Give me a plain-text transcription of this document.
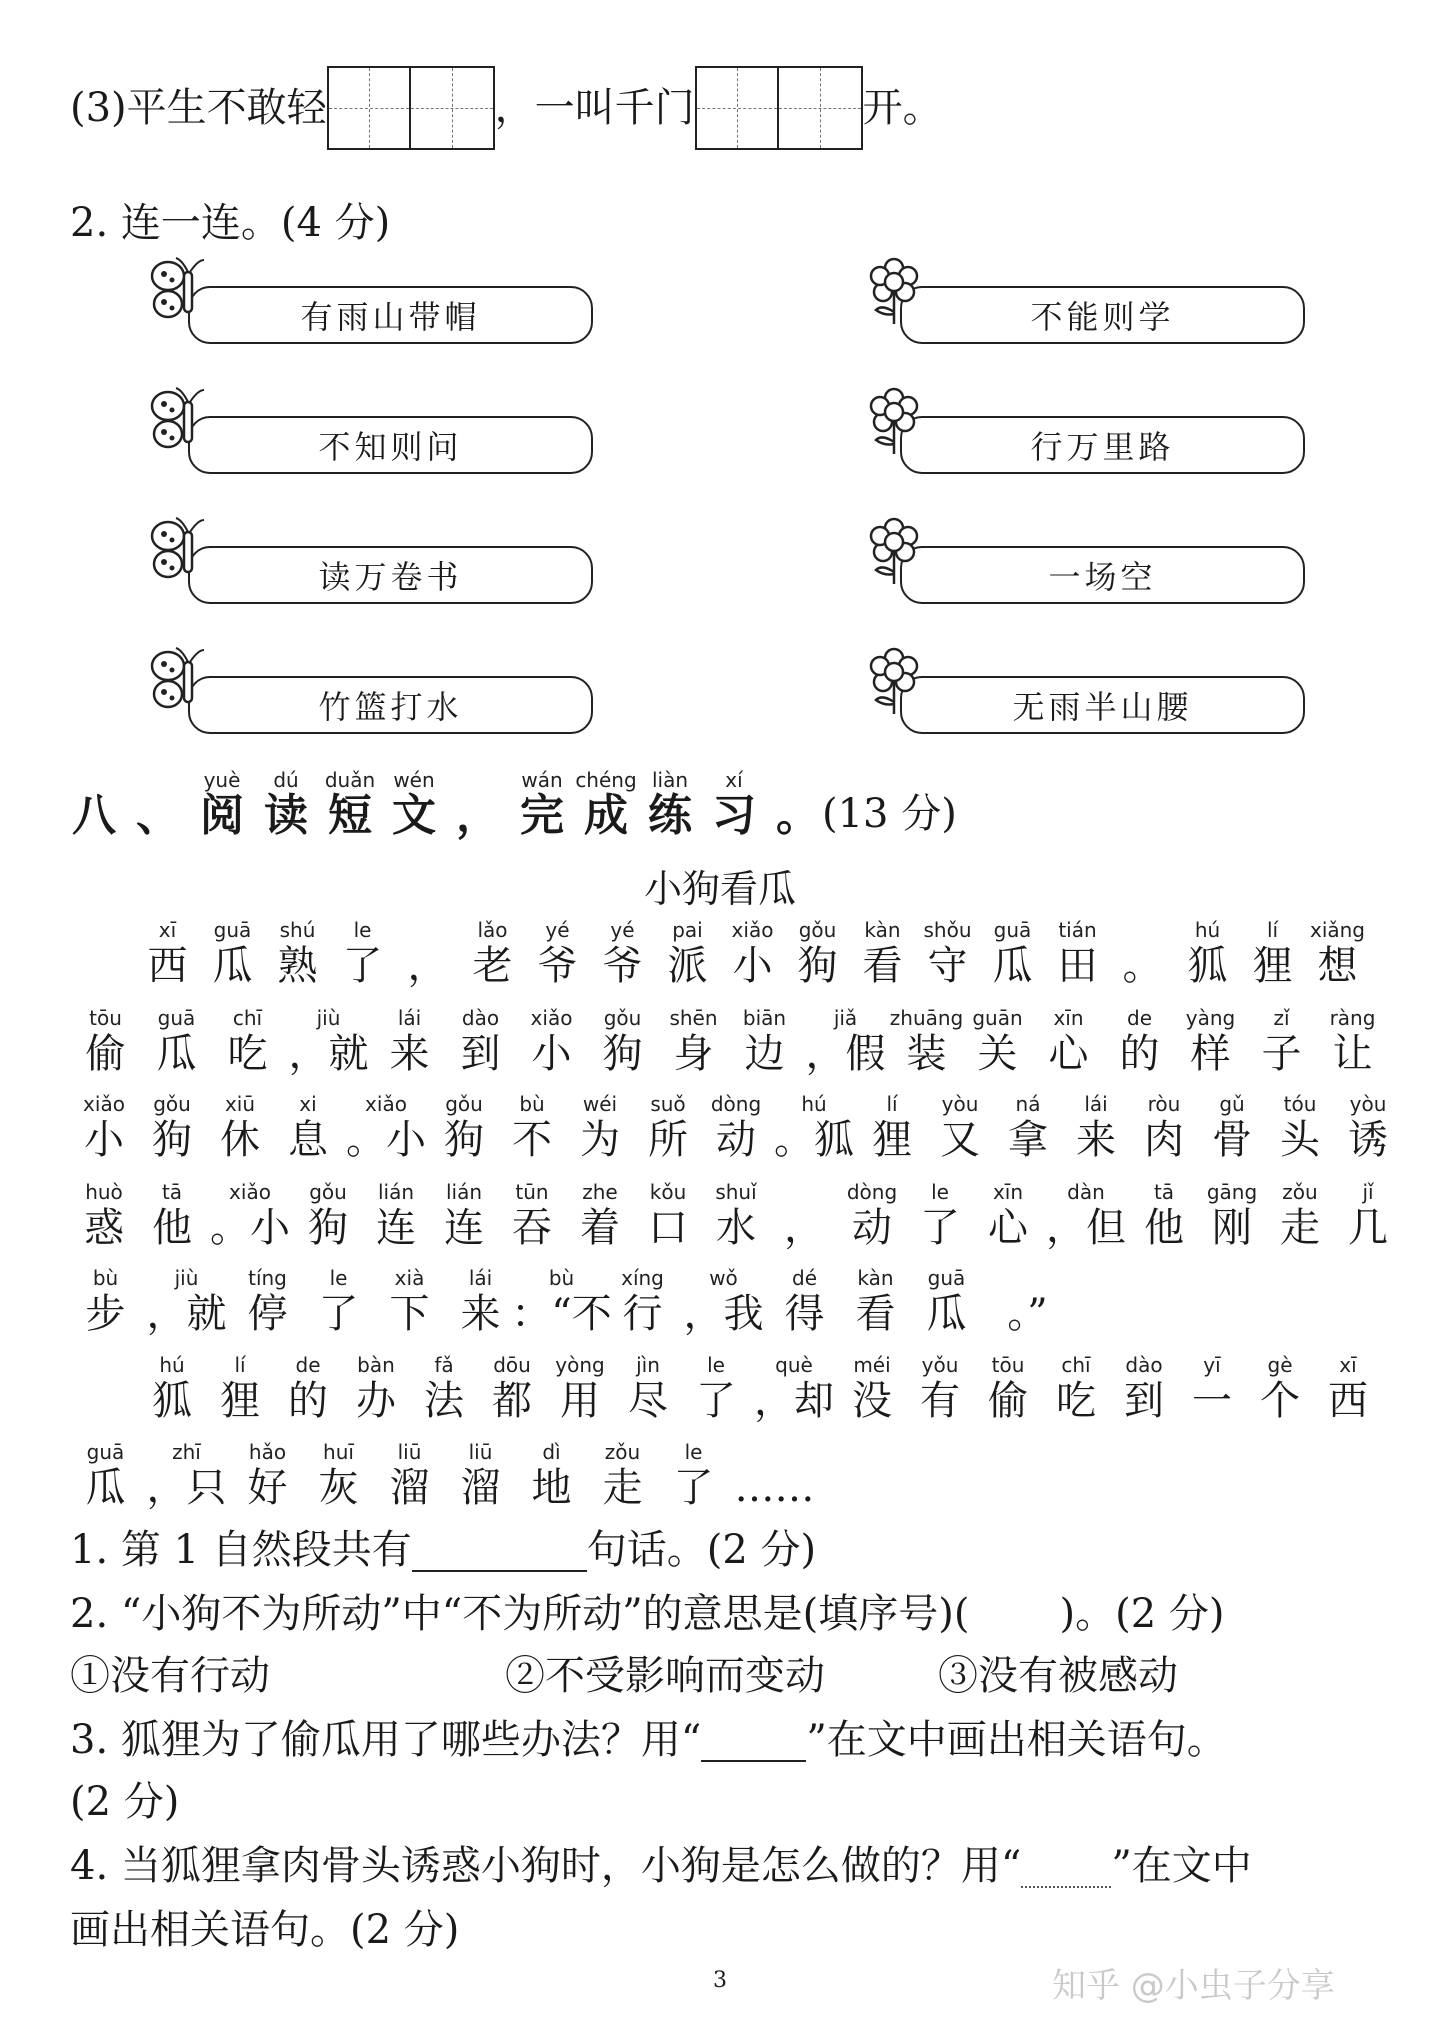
(3)平生不敢轻	，一叫千门	开。
2. 连一连。(4 分)
有雨山带帽
不知则问
读万卷书
竹篮打水
不能则学
行万里路
一场空
无雨半山腰
八 、
yuè
阅
dú
读
duǎn
短
wén
文 ，
wán
完
chéng
成
liàn
练
xí
习 。 (13 分)
小狗看瓜
xī
西
guā
瓜
shú
熟
le
了 ，
lǎo
老
yé
爷
yé
爷
pai
派
xiǎo
小
gǒu
狗
kàn
看
shǒu
守
guā
瓜
tián
田 。
hú
狐
lí
狸
xiǎng
想
tōu
偷
guā
瓜
chī
吃
jiù
，就
lái
来
dào
到
xiǎo
小
gǒu
狗
shēn
身
biān
边
jiǎ
，假
zhuāng
装
guān
关
xīn
心
de
的
yàng
样
zǐ
子
ràng
让
xiǎo
小
gǒu
狗
xiū
休
xi
息
xiǎo
。小
gǒu
狗
bù
不
wéi
为
suǒ
所
dòng
动
hú
。狐
lí
狸
yòu
又
ná
拿
lái
来
ròu
肉
gǔ
骨
tóu
头
yòu
诱
huò
惑
tā
他
xiǎo
。小
gǒu
狗
lián
连
lián
连
tūn
吞
zhe
着
kǒu
口
shuǐ
水 ，
dòng
动
le
了
xīn
心
dàn
，但
tā
他
gāng
刚
zǒu
走
jǐ
几
bù
步
jiù
，就
tíng
停
le
了
xià
下
lái
来
bù
：“不
xíng
行
wǒ
，我
dé
得
kàn
看
guā
瓜 。”
hú
狐
lí
狸
de
的
bàn
办
fǎ
法
dōu
都
yòng
用
jìn
尽
le
了
què
，却
méi
没
yǒu
有
tōu
偷
chī
吃
dào
到
yī
一
gè
个
xī
西
guā
瓜
zhī
，只
hǎo
好
huī
灰
liū
溜
liū
溜
dì
地
zǒu
走
le
了 ……
1. 第 1 自然段共有	句话。(2 分)
2. “小狗不为所动”中“不为所动”的意思是(填序号)( )。(2 分)
①没有行动	②不受影响而变动	③没有被感动
3. 狐狸为了偷瓜用了哪些办法？用“	”在文中画出相关语句。
(2 分)
4. 当狐狸拿肉骨头诱惑小狗时，小狗是怎么做的？用“ ”在文中
画出相关语句。(2 分)
3	知乎 @小虫子分享
